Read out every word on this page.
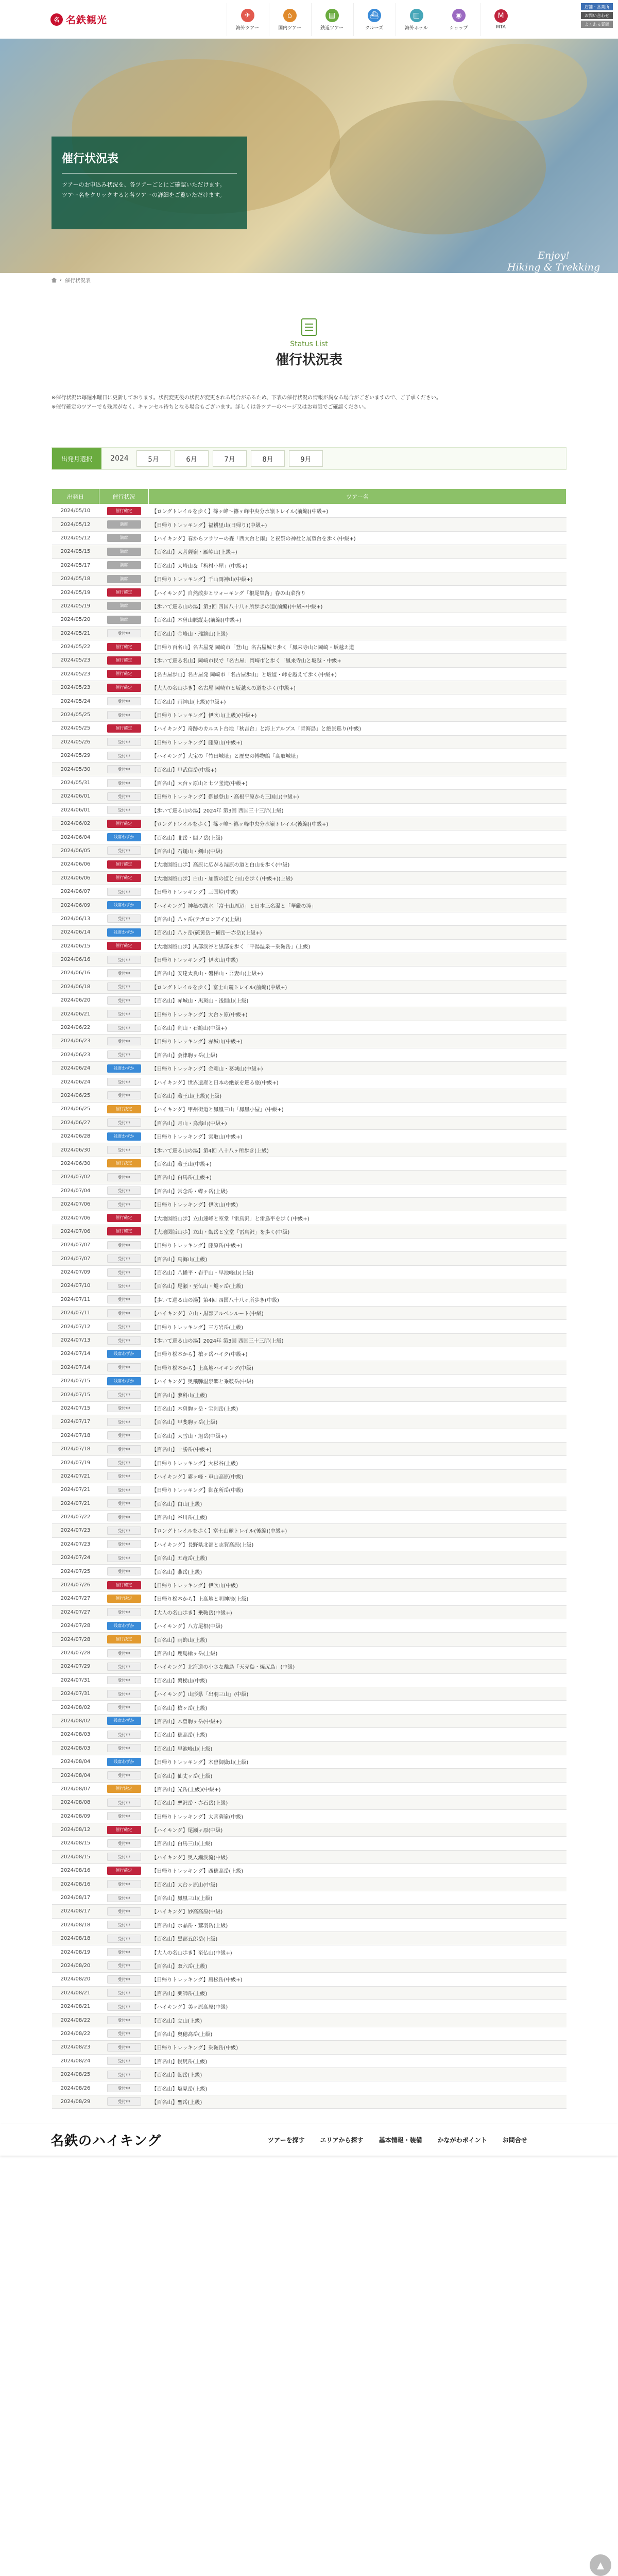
名 名鉄観光	✈
海外ツアー
⌂
国内ツアー
▤
鉄道ツアー
⛴
クルーズ
▥
海外ホテル
◉
ショップ
M
MTA
店舗・営業所
お問い合わせ
よくある質問
催行状況表
ツアーのお申込み状況を、各ツアーごとにご確認いただけます。
ツアー名をクリックすると各ツアーの詳細をご覧いただけます。
Enjoy!
Hiking & Trekking
› 催行状況表
Status List
催行状況表

※催行状況は毎週水曜日に更新しております。状況変更後の状況が変更される場合があるため、下表の催行状況の情報が異なる場合がございますので、ご了承ください。

※催行確定のツアーでも残席がなく、キャンセル待ちとなる場合もございます。詳しくは各ツアーのページ又はお電話でご確認ください。

出発月選択	2024	5月	6月	7月	8月	9月
出発日	催行状況	ツアー名
2024/05/10	催行確定	【ロングトレイルを歩く】篠ヶ峰～篠ヶ峰中央分水嶺トレイル(前編)(中級+)
2024/05/12	満席	【日帰りトレッキング】福耕里山(日帰り)(中級+)
2024/05/12	満席	【ハイキング】春からフラワーの森「西大台と雨」と祝祭の神社と展望台を歩く(中級+)
2024/05/15	満席	【百名山】大菩薩嶺・雁峠山(上級+)
2024/05/17	満席	【百名山】大崎山＆「梅村小屋」(中級+)
2024/05/18	満席	【日帰りトレッキング】千山岡神山(中級+)
2024/05/19	催行確定	【ハイキング】自然散歩とウォーキング「根尾集落」春の山菜狩り
2024/05/19	満席	【歩いて巡る山の湯】第3回 四国八十八ヶ所歩きの道(前編)(中級~中級+)
2024/05/20	満席	【百名山】木曽山脈縦走(前編)(中級+)
2024/05/21	受付中	【百名山】金峰山・瑞牆山(上級)
2024/05/22	催行確定	【日帰り百名山】名古屋発 岡崎市「登山」名古屋城と歩く「鳳来寺山と岡崎・坂越え道
2024/05/23	催行確定	【歩いて巡る名山】岡崎市民で「名古屋」岡崎市と歩く「鳳来寺山と坂越・中級+
2024/05/23	催行確定	【名古屋歩山】名古屋発 岡崎市「名古屋歩山」と坂道・峠を越えて歩く(中級+)
2024/05/23	催行確定	【大人の名山歩き】名古屋 岡崎市と坂越えの道を歩く(中級+)
2024/05/24	受付中	【百名山】両神山(上級)(中級+)
2024/05/25	受付中	【日帰りトレッキング】伊吹山(上級)(中級+)
2024/05/25	催行確定	【ハイキング】奇跡のカルスト台地「秋吉台」と海上アルプス「青海島」と絶景巡り(中級)
2024/05/26	受付中	【日帰りトレッキング】藤原山(中級+)
2024/05/29	受付中	【ハイキング】大宝の「竹田城址」と歴史の博物館「高取城址」
2024/05/30	受付中	【百名山】甲武信岳(中級+)
2024/05/31	受付中	【百名山】大台ヶ原山と七ツ釜滝(中級+)
2024/06/01	受付中	【日帰りトレッキング】御嶽登山・高根平原から三国山(中級+)
2024/06/01	受付中	【歩いて巡る山の湯】2024年 第3回 西国三十三所(上級)
2024/06/02	催行確定	【ロングトレイルを歩く】篠ヶ峰～篠ヶ峰中央分水嶺トレイル(後編)(中級+)
2024/06/04	残席わずか	【百名山】北岳・間ノ岳(上級)
2024/06/05	受付中	【百名山】石鎚山・剣山(中級)
2024/06/06	催行確定	【大地図版山歩】高原に広がる湿原の道と白山を歩く(中級)
2024/06/06	催行確定	【大地図版山歩】白山・加賀の道と白山を歩く(中級+)(上級)
2024/06/07	受付中	【日帰りトレッキング】三国峠(中級)
2024/06/09	残席わずか	【ハイキング】神秘の湖水「富士山周辺」と日本三名瀑と「華厳の滝」
2024/06/13	受付中	【百名山】八ヶ岳(テガロンアイ)(上級)
2024/06/14	残席わずか	【百名山】八ヶ岳(硫黄岳～横岳～赤岳)(上級+)
2024/06/15	催行確定	【大地図版山歩】黒部渓谷と黒部を歩く「平湯温泉～乗鞍岳」(上級)
2024/06/16	受付中	【日帰りトレッキング】伊吹山(中級)
2024/06/16	受付中	【百名山】安達太良山・磐梯山・吾妻山(上級+)
2024/06/18	受付中	【ロングトレイルを歩く】富士山麓トレイル(前編)(中級+)
2024/06/20	受付中	【百名山】赤城山・黒斑山・浅間山(上級)
2024/06/21	受付中	【日帰りトレッキング】大台ヶ原(中級+)
2024/06/22	受付中	【百名山】剣山・石鎚山(中級+)
2024/06/23	受付中	【日帰りトレッキング】赤城山(中級+)
2024/06/23	受付中	【百名山】会津駒ヶ岳(上級)
2024/06/24	残席わずか	【日帰りトレッキング】金剛山・葛城山(中級+)
2024/06/24	受付中	【ハイキング】世界遺産と日本の絶景を巡る旅(中級+)
2024/06/25	受付中	【百名山】蔵王山(上級)(上級)
2024/06/25	催行決定	【ハイキング】甲州街道と鳳凰三山「鳳凰小屋」(中級+)
2024/06/27	受付中	【百名山】月山・鳥海山(中級+)
2024/06/28	残席わずか	【日帰りトレッキング】雲取山(中級+)
2024/06/30	受付中	【歩いて巡る山の湯】第4回 八十八ヶ所歩き(上級)
2024/06/30	催行決定	【百名山】蔵王山(中級+)
2024/07/02	受付中	【百名山】白馬岳(上級+)
2024/07/04	受付中	【百名山】常念岳・蝶ヶ岳(上級)
2024/07/06	受付中	【日帰りトレッキング】伊吹山(中級)
2024/07/06	催行確定	【大地図版山歩】立山連峰と室堂「雷鳥沢」と雷鳥平を歩く(中級+)
2024/07/06	催行確定	【大地図版山歩】立山・劔岳と室堂「雷鳥沢」を歩く(中級)
2024/07/07	受付中	【日帰りトレッキング】藤原岳(中級+)
2024/07/07	受付中	【百名山】鳥海山(上級)
2024/07/09	受付中	【百名山】八幡平・岩手山・早池峰山(上級)
2024/07/10	受付中	【百名山】尾瀬・至仏山・燧ヶ岳(上級)
2024/07/11	受付中	【歩いて巡る山の湯】第4回 四国八十八ヶ所歩き(中級)
2024/07/11	受付中	【ハイキング】立山・黒部アルペンルート(中級)
2024/07/12	受付中	【日帰りトレッキング】三方岩岳(上級)
2024/07/13	受付中	【歩いて巡る山の湯】2024年 第3回 西国三十三所(上級)
2024/07/14	残席わずか	【日帰り松本から】槍ヶ岳ハイク(中級+)
2024/07/14	受付中	【日帰り松本から】上高地ハイキング(中級)
2024/07/15	残席わずか	【ハイキング】奥飛騨温泉郷と乗鞍岳(中級)
2024/07/15	受付中	【百名山】蓼科山(上級)
2024/07/15	受付中	【百名山】木曽駒ヶ岳・宝剣岳(上級)
2024/07/17	受付中	【百名山】甲斐駒ヶ岳(上級)
2024/07/18	受付中	【百名山】大雪山・旭岳(中級+)
2024/07/18	受付中	【百名山】十勝岳(中級+)
2024/07/19	受付中	【日帰りトレッキング】大杉谷(上級)
2024/07/21	受付中	【ハイキング】霧ヶ峰・車山高原(中級)
2024/07/21	受付中	【日帰りトレッキング】御在所岳(中級)
2024/07/21	受付中	【百名山】白山(上級)
2024/07/22	受付中	【百名山】谷川岳(上級)
2024/07/23	受付中	【ロングトレイルを歩く】富士山麓トレイル(後編)(中級+)
2024/07/23	受付中	【ハイキング】長野県北部と志賀高原(上級)
2024/07/24	受付中	【百名山】五竜岳(上級)
2024/07/25	受付中	【百名山】燕岳(上級)
2024/07/26	催行確定	【日帰りトレッキング】伊吹山(中級)
2024/07/27	催行決定	【日帰り松本から】上高地と明神池(上級)
2024/07/27	受付中	【大人の名山歩き】乗鞍岳(中級+)
2024/07/28	残席わずか	【ハイキング】八方尾根(中級)
2024/07/28	催行決定	【百名山】雨飾山(上級)
2024/07/28	受付中	【百名山】鹿島槍ヶ岳(上級)
2024/07/29	受付中	【ハイキング】北海道の小さな離島「天売島・焼尻島」(中級)
2024/07/31	受付中	【百名山】磐梯山(中級)
2024/07/31	受付中	【ハイキング】山形県「出羽三山」(中級)
2024/08/02	受付中	【百名山】槍ヶ岳(上級)
2024/08/02	残席わずか	【百名山】木曽駒ヶ岳(中級+)
2024/08/03	受付中	【百名山】穂高岳(上級)
2024/08/03	受付中	【百名山】早池峰山(上級)
2024/08/04	残席わずか	【日帰りトレッキング】木曽御嶽山(上級)
2024/08/04	受付中	【百名山】仙丈ヶ岳(上級)
2024/08/07	催行決定	【百名山】光岳(上級)(中級+)
2024/08/08	受付中	【百名山】悪沢岳・赤石岳(上級)
2024/08/09	受付中	【日帰りトレッキング】大菩薩嶺(中級)
2024/08/12	催行確定	【ハイキング】尾瀬ヶ原(中級)
2024/08/15	受付中	【百名山】白馬三山(上級)
2024/08/15	受付中	【ハイキング】奥入瀬渓流(中級)
2024/08/16	催行確定	【日帰りトレッキング】西穂高岳(上級)
2024/08/16	受付中	【百名山】大台ヶ原山(中級)
2024/08/17	受付中	【百名山】鳳凰三山(上級)
2024/08/17	受付中	【ハイキング】妙高高原(中級)
2024/08/18	受付中	【百名山】水晶岳・鷲羽岳(上級)
2024/08/18	受付中	【百名山】黒部五郎岳(上級)
2024/08/19	受付中	【大人の名山歩き】至仏山(中級+)
2024/08/20	受付中	【百名山】双六岳(上級)
2024/08/20	受付中	【日帰りトレッキング】唐松岳(中級+)
2024/08/21	受付中	【百名山】薬師岳(上級)
2024/08/21	受付中	【ハイキング】美ヶ原高原(中級)
2024/08/22	受付中	【百名山】立山(上級)
2024/08/22	受付中	【百名山】奥穂高岳(上級)
2024/08/23	受付中	【日帰りトレッキング】乗鞍岳(中級)
2024/08/24	受付中	【百名山】幌尻岳(上級)
2024/08/25	受付中	【百名山】剱岳(上級)
2024/08/26	受付中	【百名山】塩見岳(上級)
2024/08/29	受付中	【百名山】聖岳(上級)
名鉄のハイキング	ツアーを探す	エリアから探す	基本情報・装備	かながわポイント	お問合せ
▲
